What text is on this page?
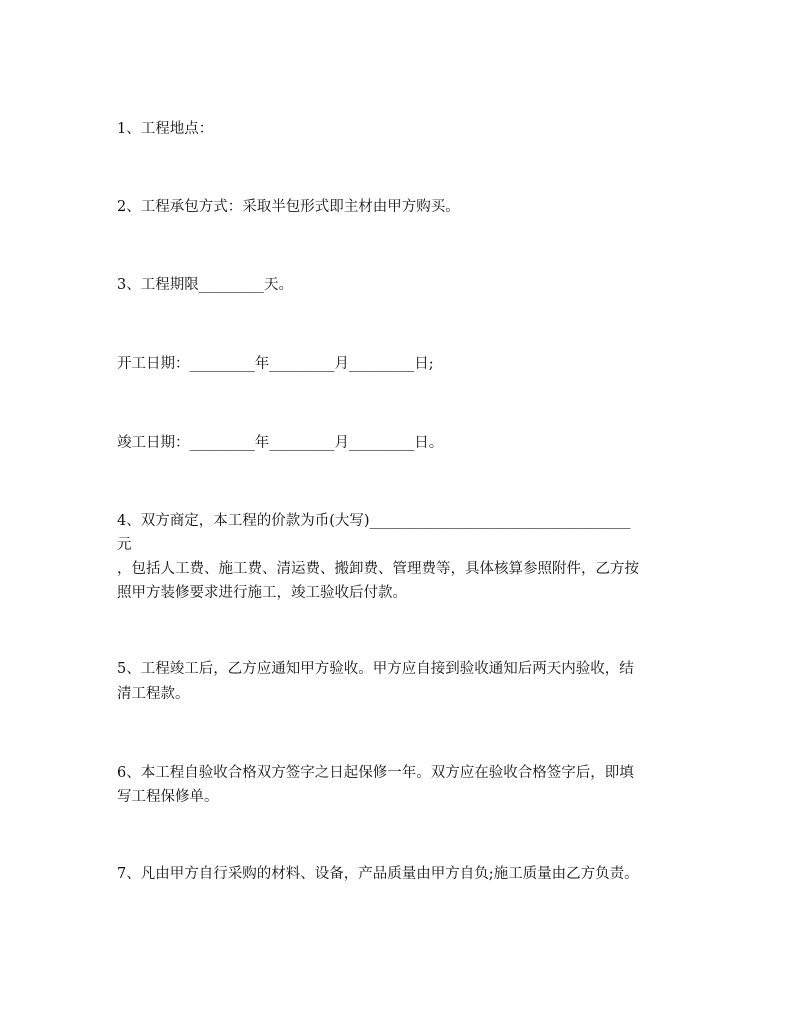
1、工程地点：
2、工程承包方式：采取半包形式即主材由甲方购买。
3、工程期限_________天。
开工日期：_________年_________月_________日;
竣工日期：_________年_________月_________日。
4、双方商定，本工程的价款为币(大写)____________________________________
元
，包括人工费、施工费、清运费、搬卸费、管理费等，具体核算参照附件，乙方按
照甲方装修要求进行施工，竣工验收后付款。
5、工程竣工后，乙方应通知甲方验收。甲方应自接到验收通知后两天内验收，结
清工程款。
6、本工程自验收合格双方签字之日起保修一年。双方应在验收合格签字后，即填
写工程保修单。
7、凡由甲方自行采购的材料、设备，产品质量由甲方自负;施工质量由乙方负责。
